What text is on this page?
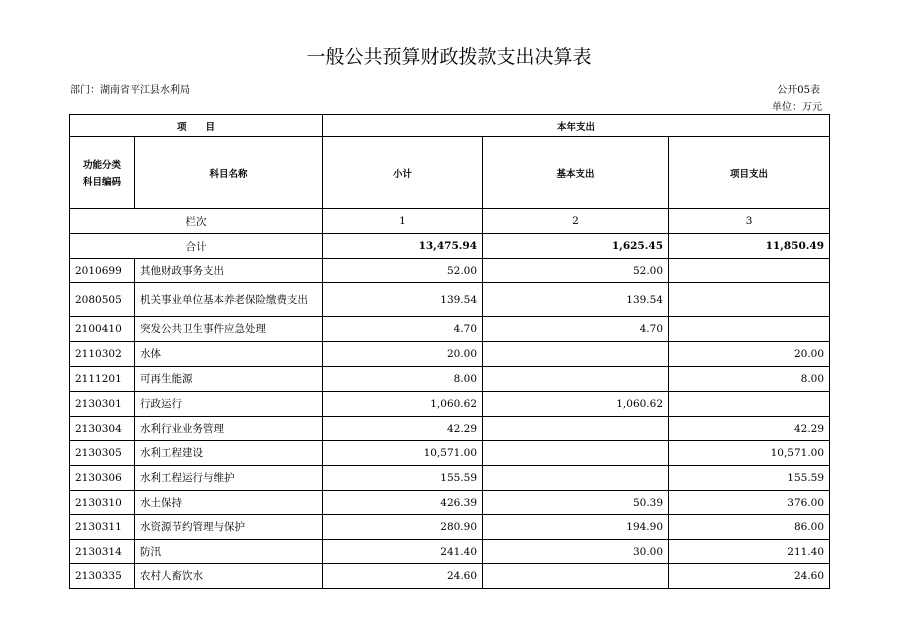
一般公共预算财政拨款支出决算表
部门：湖南省平江县水利局	公开05表
单位：万元
项　　目		本年支出		

功能分类
科目编码	科目名称	小计	基本支出	项目支出
栏次		1	2	3
合计		13,475.94	1,625.45	11,850.49
2010699	其他财政事务支出	52.00	52.00	
2080505	机关事业单位基本养老保险缴费支出	139.54	139.54	
2100410	突发公共卫生事件应急处理	4.70	4.70	
2110302	水体	20.00		20.00
2111201	可再生能源	8.00		8.00
2130301	行政运行	1,060.62	1,060.62	
2130304	水利行业业务管理	42.29		42.29
2130305	水利工程建设	10,571.00		10,571.00
2130306	水利工程运行与维护	155.59		155.59
2130310	水土保持	426.39	50.39	376.00
2130311	水资源节约管理与保护	280.90	194.90	86.00
2130314	防汛	241.40	30.00	211.40
2130335	农村人畜饮水	24.60		24.60
